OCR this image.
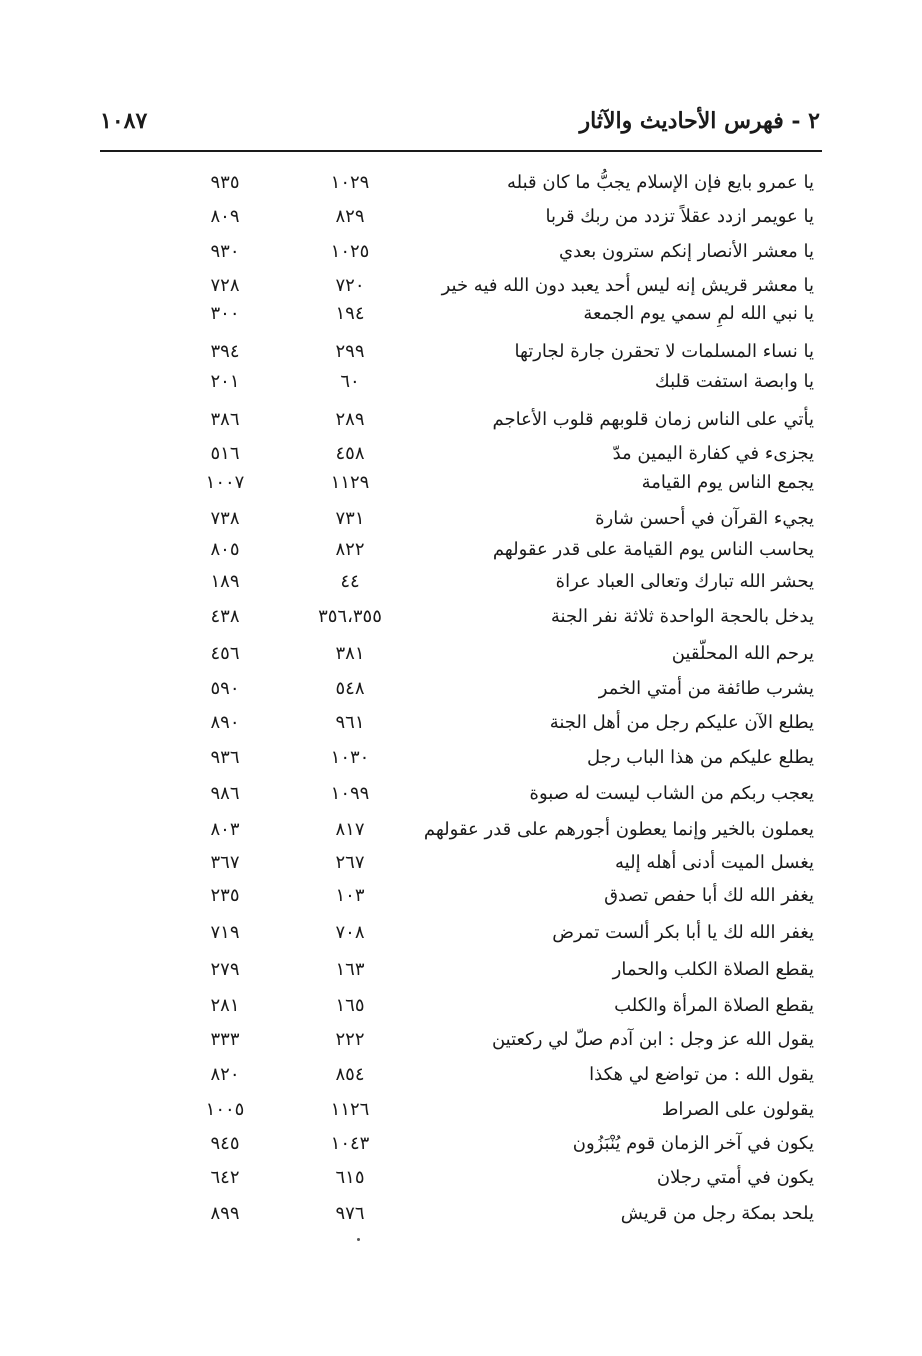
٢ - فهرس الأحاديث والآثار
١٠٨٧
يا عمرو بايع فإن الإسلام يجبُّ ما كان قبله
١٠٢٩
٩٣٥
يا عويمر ازدد عقلاً تزدد من ربك قربا
٨٢٩
٨٠٩
يا معشر الأنصار إنكم سترون بعدي
١٠٢٥
٩٣٠
يا معشر قريش إنه ليس أحد يعبد دون الله فيه خير
٧٢٠
٧٢٨
يا نبي الله لمِ سمي يوم الجمعة
١٩٤
٣٠٠
يا نساء المسلمات لا تحقرن جارة لجارتها
٢٩٩
٣٩٤
يا وابصة استفت قلبك
٦٠
٢٠١
يأتي على الناس زمان قلوبهم قلوب الأعاجم
٢٨٩
٣٨٦
يجزىء في كفارة اليمين مدّ
٤٥٨
٥١٦
يجمع الناس يوم القيامة
١١٢٩
١٠٠٧
يجيء القرآن في أحسن شارة
٧٣١
٧٣٨
يحاسب الناس يوم القيامة على قدر عقولهم
٨٢٢
٨٠٥
يحشر الله تبارك وتعالى العباد عراة
٤٤
١٨٩
يدخل بالحجة الواحدة ثلاثة نفر الجنة
٣٥٦،٣٥٥
٤٣٨
يرحم الله المحلّقين
٣٨١
٤٥٦
يشرب طائفة من أمتي الخمر
٥٤٨
٥٩٠
يطلع الآن عليكم رجل من أهل الجنة
٩٦١
٨٩٠
يطلع عليكم من هذا الباب رجل
١٠٣٠
٩٣٦
يعجب ربكم من الشاب ليست له صبوة
١٠٩٩
٩٨٦
يعملون بالخير وإنما يعطون أجورهم على قدر عقولهم
٨١٧
٨٠٣
يغسل الميت أدنى أهله إليه
٢٦٧
٣٦٧
يغفر الله لك أبا حفص تصدق
١٠٣
٢٣٥
يغفر الله لك يا أبا بكر ألست تمرض
٧٠٨
٧١٩
يقطع الصلاة الكلب والحمار
١٦٣
٢٧٩
يقطع الصلاة المرأة والكلب
١٦٥
٢٨١
يقول الله عز وجل : ابن آدم صلّ لي ركعتين
٢٢٢
٣٣٣
يقول الله : من تواضع لي هكذا
٨٥٤
٨٢٠
يقولون على الصراط
١١٢٦
١٠٠٥
يكون في آخر الزمان قوم يُنْبَزُون
١٠٤٣
٩٤٥
يكون في أمتي رجلان
٦١٥
٦٤٢
يلحد بمكة رجل من قريش
٩٧٦
٨٩٩
